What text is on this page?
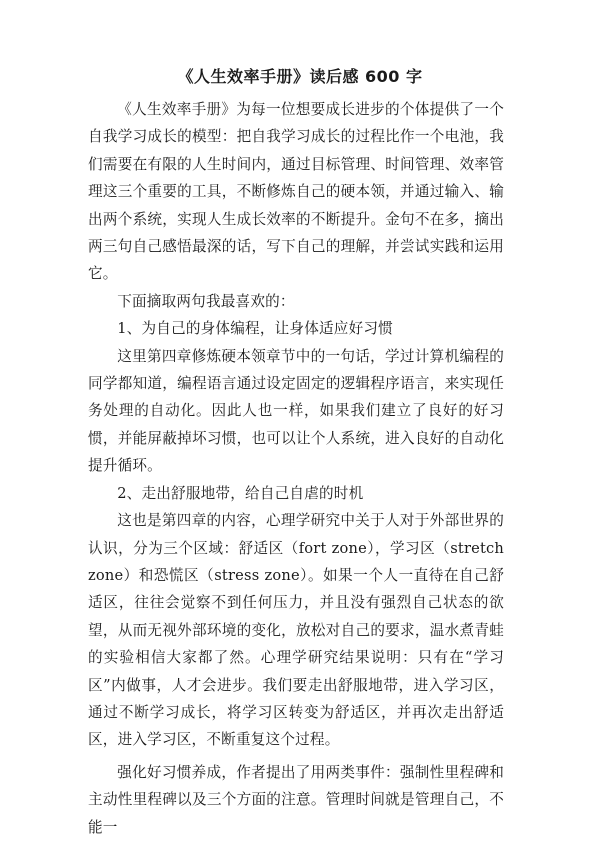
《人生效率手册》读后感 600 字

《人生效率手册》为每一位想要成长进步的个体提供了一个自我学习成长的模型：把自我学习成长的过程比作一个电池，我们需要在有限的人生时间内，通过目标管理、时间管理、效率管理这三个重要的工具，不断修炼自己的硬本领，并通过输入、输出两个系统，实现人生成长效率的不断提升。金句不在多，摘出两三句自己感悟最深的话，写下自己的理解，并尝试实践和运用它。

下面摘取两句我最喜欢的：

1、为自己的身体编程，让身体适应好习惯

这里第四章修炼硬本领章节中的一句话，学过计算机编程的同学都知道，编程语言通过设定固定的逻辑程序语言，来实现任务处理的自动化。因此人也一样，如果我们建立了良好的好习惯，并能屏蔽掉坏习惯，也可以让个人系统，进入良好的自动化提升循环。

2、走出舒服地带，给自己自虐的时机

这也是第四章的内容，心理学研究中关于人对于外部世界的认识，分为三个区域：舒适区（fort zone），学习区（stretch zone）和恐慌区（stress zone）。如果一个人一直待在自己舒适区，往往会觉察不到任何压力，并且没有强烈自己状态的欲望，从而无视外部环境的变化，放松对自己的要求，温水煮青蛙的实验相信大家都了然。心理学研究结果说明：只有在“学习区”内做事，人才会进步。我们要走出舒服地带，进入学习区，通过不断学习成长，将学习区转变为舒适区，并再次走出舒适区，进入学习区，不断重复这个过程。

强化好习惯养成，作者提出了用两类事件：强制性里程碑和主动性里程碑以及三个方面的注意。管理时间就是管理自己，不能一
